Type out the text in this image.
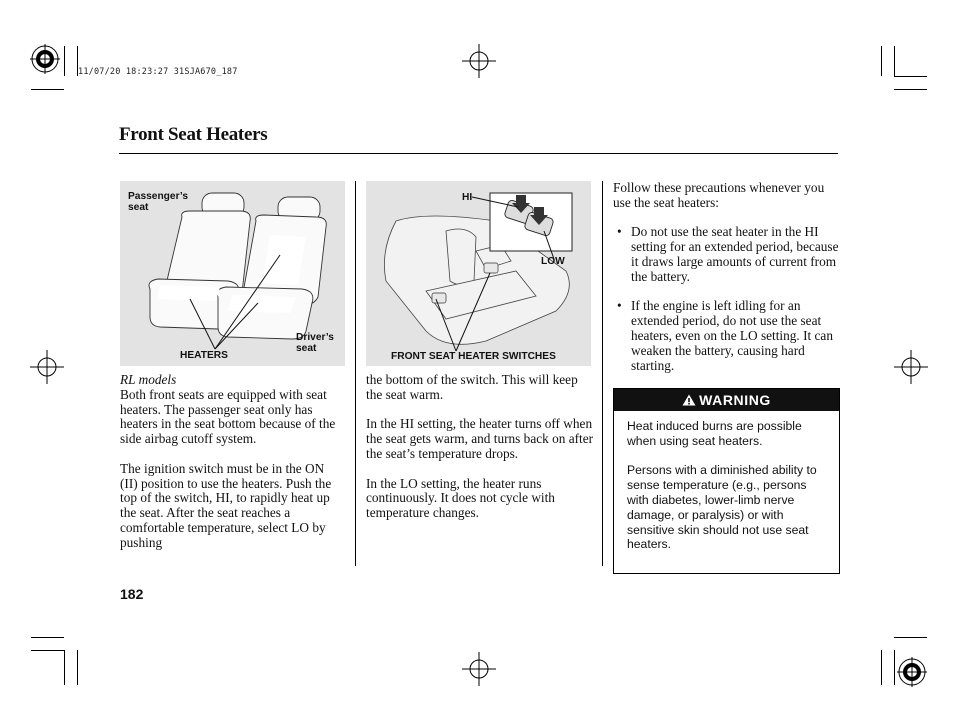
11/07/20 18:23:27 31SJA670_187
Front Seat Heaters
Passenger’s seat
Driver’s seat
HEATERS
HI
LOW
FRONT SEAT HEATER SWITCHES

RL models

Both front seats are equipped with seat heaters. The passenger seat only has heaters in the seat bottom because of the side airbag cutoff system.

The ignition switch must be in the ON (II) position to use the heaters. Push the top of the switch, HI, to rapidly heat up the seat. After the seat reaches a comfortable temperature, select LO by pushing

the bottom of the switch. This will keep the seat warm.

In the HI setting, the heater turns off when the seat gets warm, and turns back on after the seat’s temperature drops.

In the LO setting, the heater runs continuously. It does not cycle with temperature changes.

Follow these precautions whenever you use the seat heaters:

• Do not use the seat heater in the HI setting for an extended period, because it draws large amounts of current from the battery.
• If the engine is left idling for an extended period, do not use the seat heaters, even on the LO setting. It can weaken the battery, causing hard starting.
WARNING

Heat induced burns are possible when using seat heaters.

Persons with a diminished ability to sense temperature (e.g., persons with diabetes, lower-limb nerve damage, or paralysis) or with sensitive skin should not use seat heaters.

182
